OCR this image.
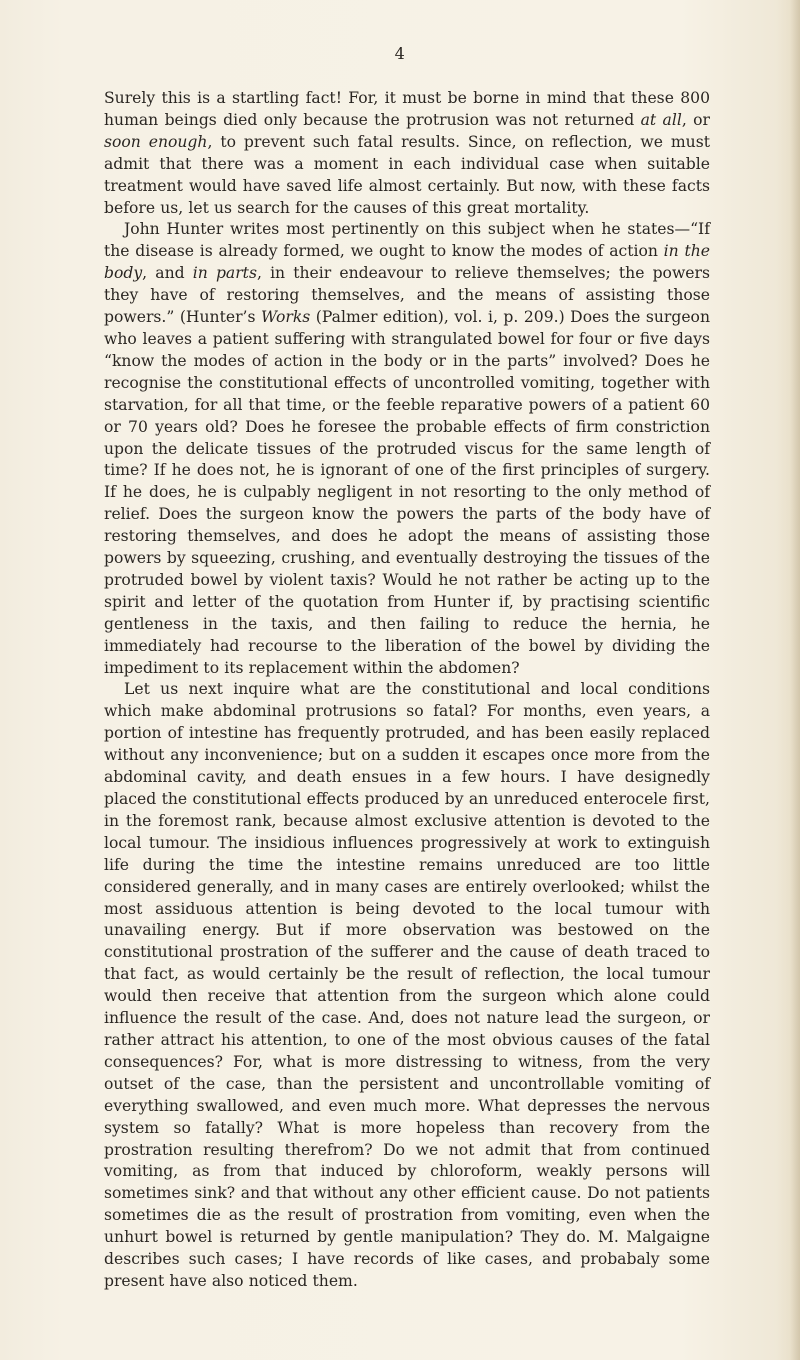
4

Surely this is a startling fact! For, it must be borne in mind that these 800 human beings died only because the protrusion was not returned at all, or soon enough, to prevent such fatal results. Since, on reflection, we must admit that there was a moment in each individual case when suitable treatment would have saved life almost certainly. But now, with these facts before us, let us search for the causes of this great mortality.

John Hunter writes most pertinently on this subject when he states—“If the disease is already formed, we ought to know the modes of action in the body, and in parts, in their endeavour to relieve themselves; the powers they have of restoring themselves, and the means of assisting those powers.” (Hunter’s Works (Palmer edition), vol. i, p. 209.) Does the surgeon who leaves a patient suffering with strangulated bowel for four or five days “know the modes of action in the body or in the parts” involved? Does he recognise the constitutional effects of uncontrolled vomiting, together with starvation, for all that time, or the feeble reparative powers of a patient 60 or 70 years old? Does he foresee the probable effects of firm constriction upon the delicate tissues of the protruded viscus for the same length of time? If he does not, he is ignorant of one of the first principles of surgery. If he does, he is culpably negligent in not resorting to the only method of relief. Does the surgeon know the powers the parts of the body have of restoring themselves, and does he adopt the means of assisting those powers by squeezing, crushing, and eventually destroying the tissues of the protruded bowel by violent taxis? Would he not rather be acting up to the spirit and letter of the quotation from Hunter if, by practising scientific gentleness in the taxis, and then failing to reduce the hernia, he immediately had recourse to the liberation of the bowel by dividing the impediment to its replacement within the abdomen?

Let us next inquire what are the constitutional and local conditions which make abdominal protrusions so fatal? For months, even years, a portion of intestine has frequently protruded, and has been easily replaced without any inconvenience; but on a sudden it escapes once more from the abdominal cavity, and death ensues in a few hours. I have designedly placed the constitutional effects produced by an unreduced enterocele first, in the foremost rank, because almost exclusive attention is devoted to the local tumour. The insidious influences progressively at work to extinguish life during the time the intestine remains unreduced are too little considered generally, and in many cases are entirely overlooked; whilst the most assiduous attention is being devoted to the local tumour with unavailing energy. But if more observation was bestowed on the constitutional prostration of the sufferer and the cause of death traced to that fact, as would certainly be the result of reflection, the local tumour would then receive that attention from the surgeon which alone could influence the result of the case. And, does not nature lead the surgeon, or rather attract his attention, to one of the most obvious causes of the fatal consequences? For, what is more distressing to witness, from the very outset of the case, than the persistent and uncontrollable vomiting of everything swallowed, and even much more. What depresses the nervous system so fatally? What is more hopeless than recovery from the prostration resulting therefrom? Do we not admit that from continued vomiting, as from that induced by chloroform, weakly persons will sometimes sink? and that without any other efficient cause. Do not patients sometimes die as the result of prostration from vomiting, even when the unhurt bowel is returned by gentle manipulation? They do. M. Malgaigne describes such cases; I have records of like cases, and probabaly some present have also noticed them.
